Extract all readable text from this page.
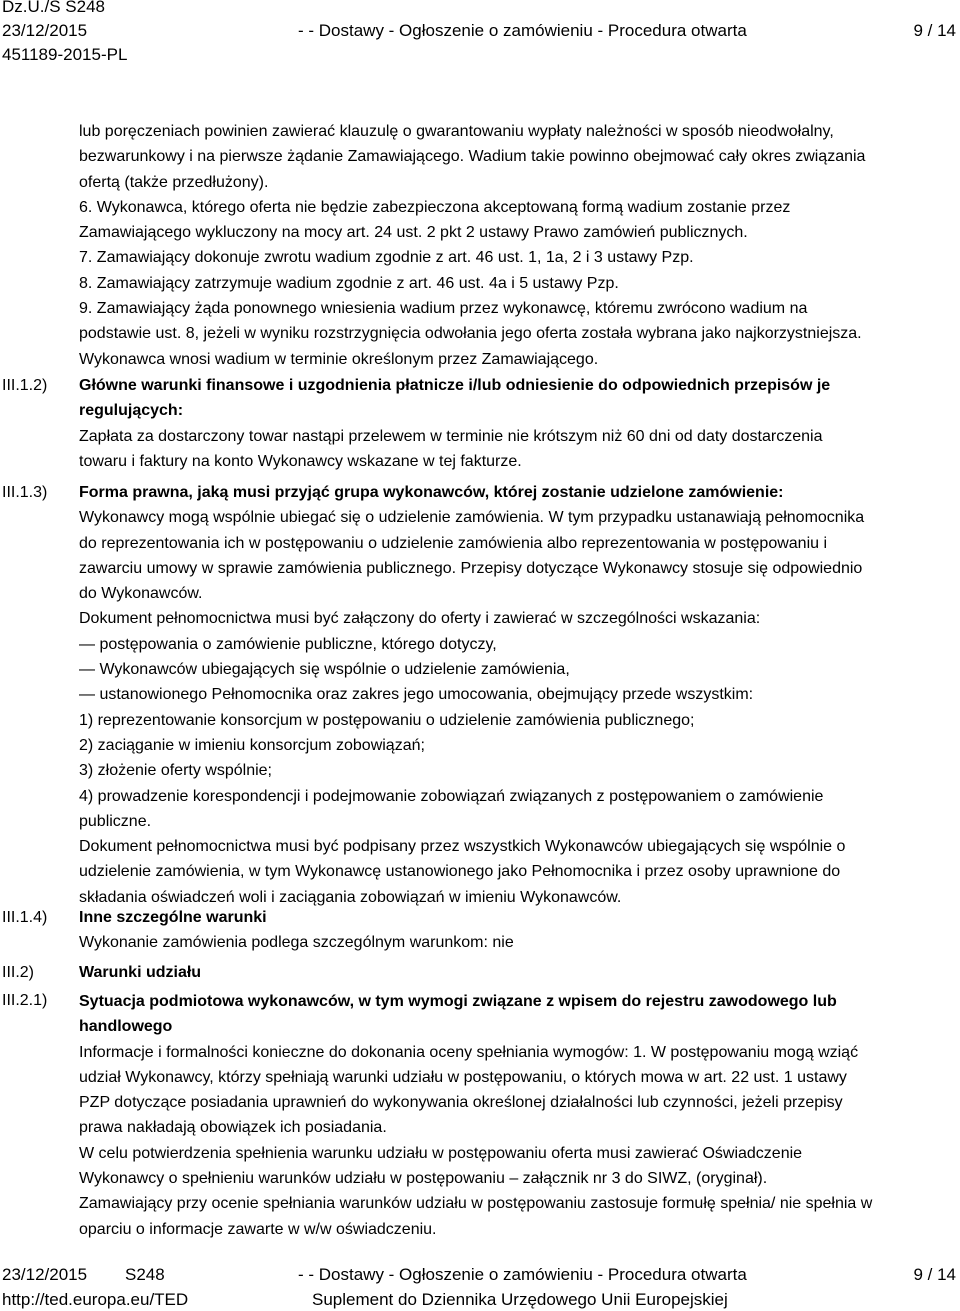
Dz.U./S S248
23/12/2015
451189-2015-PL
- - Dostawy - Ogłoszenie o zamówieniu - Procedura otwarta	9 / 14
III.1.2)
III.1.3)
III.1.4)
III.2)
III.2.1)
lub poręczeniach powinien zawierać klauzulę o gwarantowaniu wypłaty należności w sposób nieodwołalny,
bezwarunkowy i na pierwsze żądanie Zamawiającego. Wadium takie powinno obejmować cały okres związania
ofertą (także przedłużony).
6. Wykonawca, którego oferta nie będzie zabezpieczona akceptowaną formą wadium zostanie przez
Zamawiającego wykluczony na mocy art. 24 ust. 2 pkt 2 ustawy Prawo zamówień publicznych.
7. Zamawiający dokonuje zwrotu wadium zgodnie z art. 46 ust. 1, 1a, 2 i 3 ustawy Pzp.
8. Zamawiający zatrzymuje wadium zgodnie z art. 46 ust. 4a i 5 ustawy Pzp.
9. Zamawiający żąda ponownego wniesienia wadium przez wykonawcę, któremu zwrócono wadium na
podstawie ust. 8, jeżeli w wyniku rozstrzygnięcia odwołania jego oferta została wybrana jako najkorzystniejsza.
Wykonawca wnosi wadium w terminie określonym przez Zamawiającego.
Główne warunki finansowe i uzgodnienia płatnicze i/lub odniesienie do odpowiednich przepisów je
regulujących:
Zapłata za dostarczony towar nastąpi przelewem w terminie nie krótszym niż 60 dni od daty dostarczenia
towaru i faktury na konto Wykonawcy wskazane w tej fakturze.
Forma prawna, jaką musi przyjąć grupa wykonawców, której zostanie udzielone zamówienie:
Wykonawcy mogą wspólnie ubiegać się o udzielenie zamówienia. W tym przypadku ustanawiają pełnomocnika
do reprezentowania ich w postępowaniu o udzielenie zamówienia albo reprezentowania w postępowaniu i
zawarciu umowy w sprawie zamówienia publicznego. Przepisy dotyczące Wykonawcy stosuje się odpowiednio
do Wykonawców.
Dokument pełnomocnictwa musi być załączony do oferty i zawierać w szczególności wskazania:
— postępowania o zamówienie publiczne, którego dotyczy,
— Wykonawców ubiegających się wspólnie o udzielenie zamówienia,
— ustanowionego Pełnomocnika oraz zakres jego umocowania, obejmujący przede wszystkim:
1) reprezentowanie konsorcjum w postępowaniu o udzielenie zamówienia publicznego;
2) zaciąganie w imieniu konsorcjum zobowiązań;
3) złożenie oferty wspólnie;
4) prowadzenie korespondencji i podejmowanie zobowiązań związanych z postępowaniem o zamówienie
publiczne.
Dokument pełnomocnictwa musi być podpisany przez wszystkich Wykonawców ubiegających się wspólnie o
udzielenie zamówienia, w tym Wykonawcę ustanowionego jako Pełnomocnika i przez osoby uprawnione do
składania oświadczeń woli i zaciągania zobowiązań w imieniu Wykonawców.
Inne szczególne warunki
Wykonanie zamówienia podlega szczególnym warunkom: nie
Warunki udziału
Sytuacja podmiotowa wykonawców, w tym wymogi związane z wpisem do rejestru zawodowego lub
handlowego
Informacje i formalności konieczne do dokonania oceny spełniania wymogów: 1. W postępowaniu mogą wziąć
udział Wykonawcy, którzy spełniają warunki udziału w postępowaniu, o których mowa w art. 22 ust. 1 ustawy
PZP dotyczące posiadania uprawnień do wykonywania określonej działalności lub czynności, jeżeli przepisy
prawa nakładają obowiązek ich posiadania.
W celu potwierdzenia spełnienia warunku udziału w postępowaniu oferta musi zawierać Oświadczenie
Wykonawcy o spełnieniu warunków udziału w postępowaniu – załącznik nr 3 do SIWZ, (oryginał).
Zamawiający przy ocenie spełniania warunków udziału w postępowaniu zastosuje formułę spełnia/ nie spełnia w
oparciu o informacje zawarte w w/w oświadczeniu.
23/12/2015 S248
http://ted.europa.eu/TED
- - Dostawy - Ogłoszenie o zamówieniu - Procedura otwarta
Suplement do Dziennika Urzędowego Unii Europejskiej
9 / 14
